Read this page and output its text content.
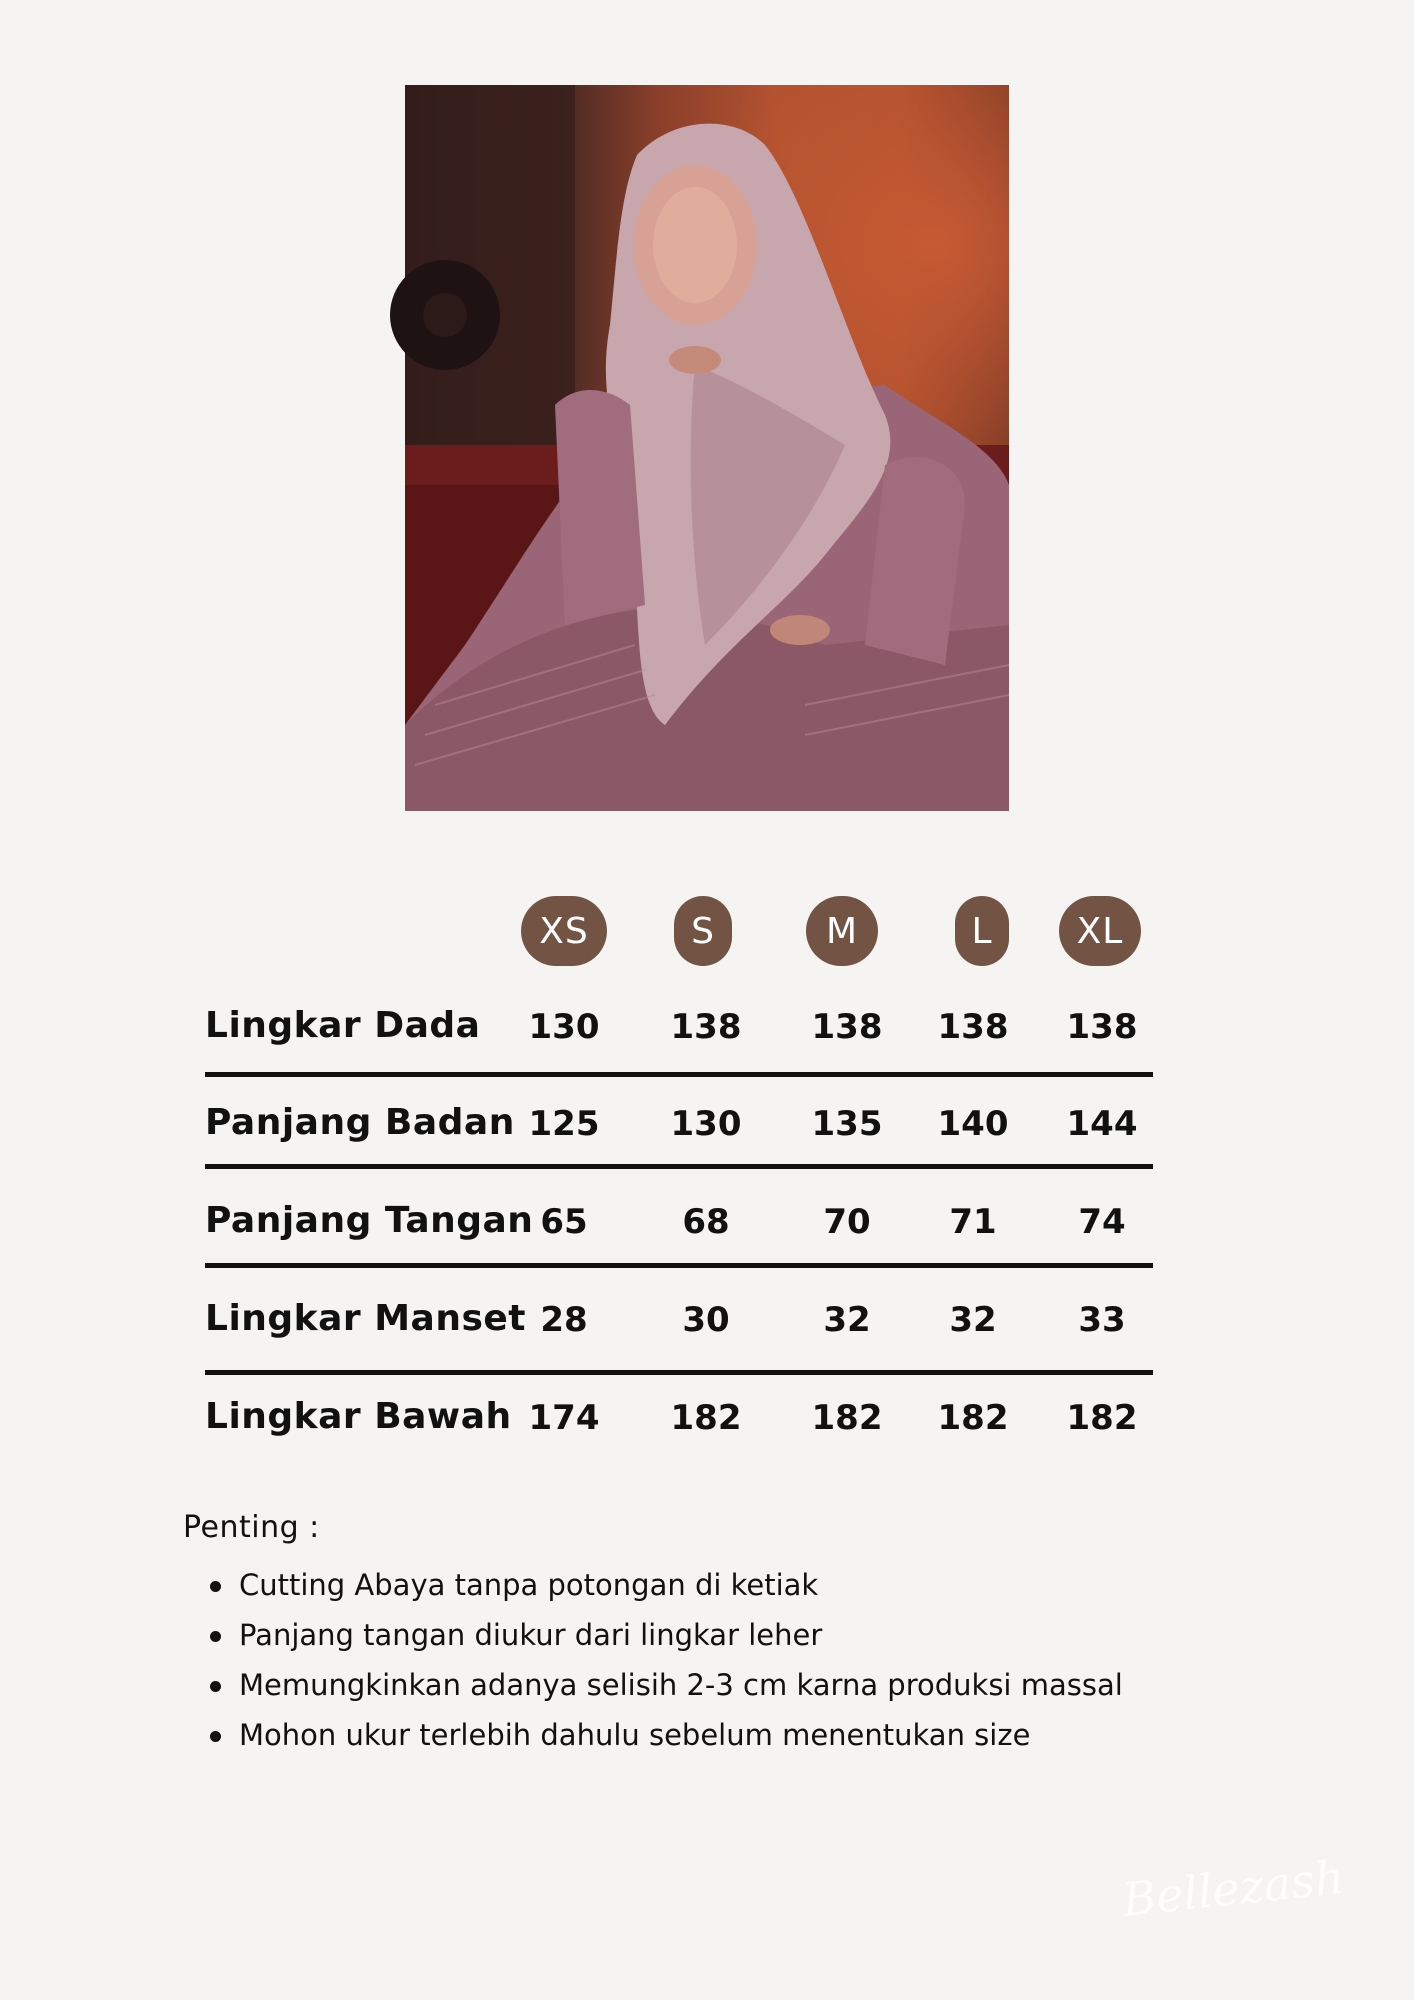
XS	S	M	L	XL
Lingkar Dada	130	138	138	138	138
Panjang Badan 125	130	135	140	144
Panjang Tangan 65	68	70	71	74
Lingkar Manset 28	30	32	32	33
Lingkar Bawah 174	182	182	182	182
Penting :
Cutting Abaya tanpa potongan di ketiak
Panjang tangan diukur dari lingkar leher
Memungkinkan adanya selisih 2-3 cm karna produksi massal
Mohon ukur terlebih dahulu sebelum menentukan size
Bellezash
